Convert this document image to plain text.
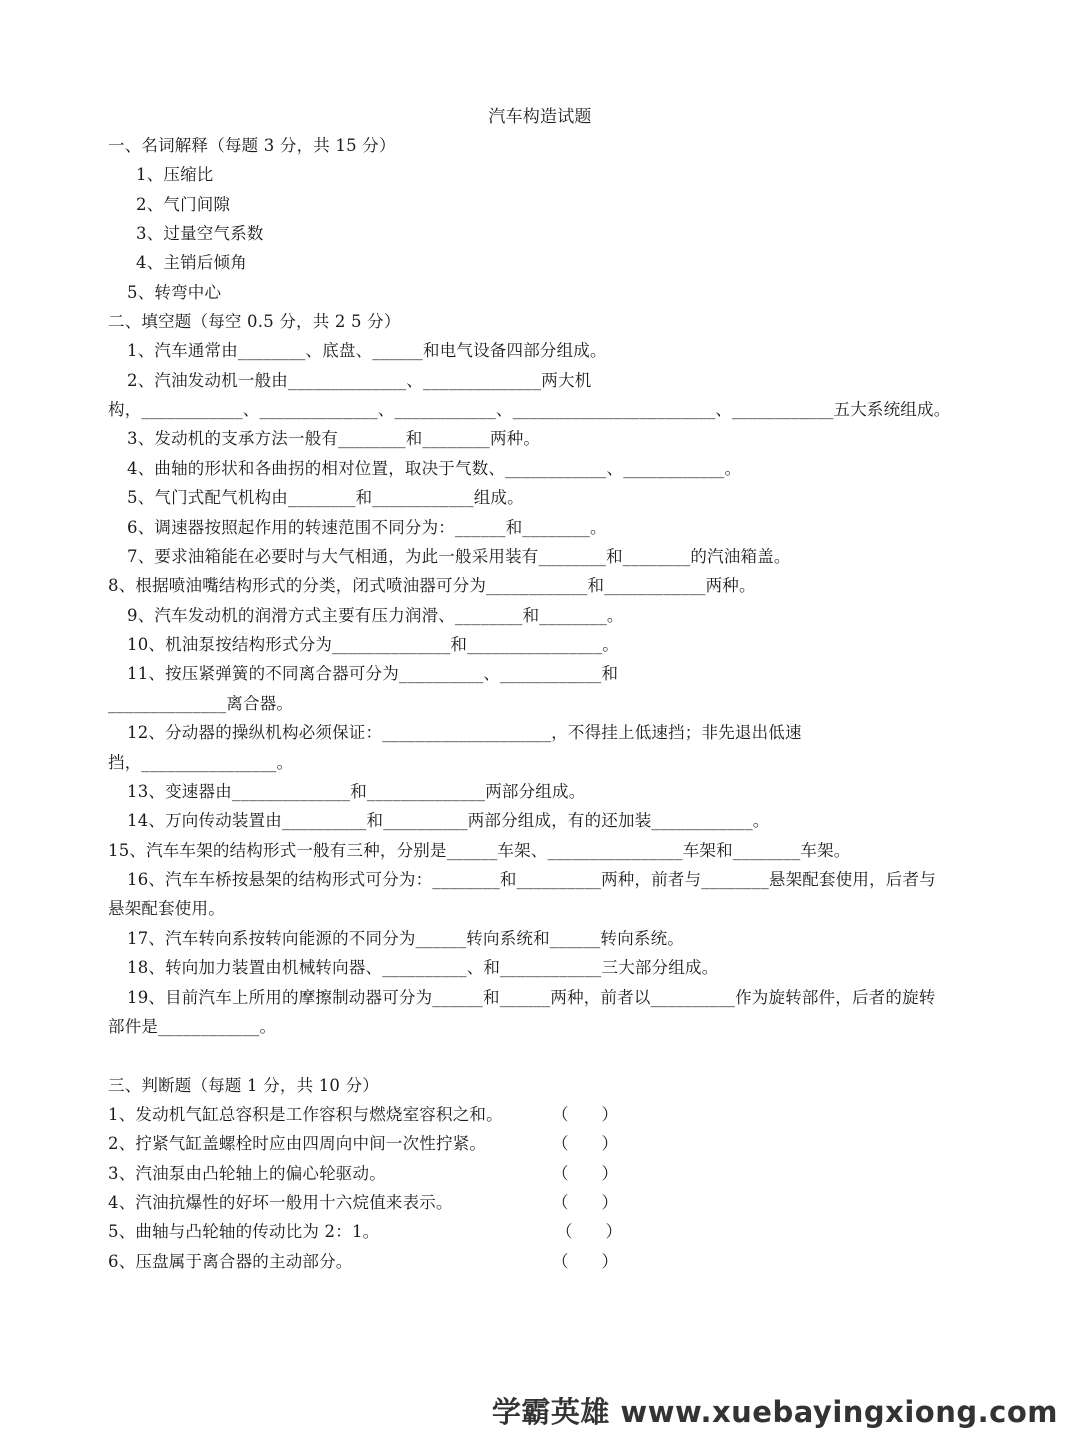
汽车构造试题
一、名词解释（每题 3 分，共 15 分）
1、压缩比
2、气门间隙
3、过量空气系数
4、主销后倾角
5、转弯中心
二、填空题（每空 0.5 分，共 2 5 分）
1、汽车通常由________、底盘、______和电气设备四部分组成。
2、汽油发动机一般由______________、______________两大机
构，____________、______________、____________、________________________、____________五大系统组成。
3、发动机的支承方法一般有________和________两种。
4、曲轴的形状和各曲拐的相对位置，取决于气数、____________、____________。
5、气门式配气机构由________和____________组成。
6、调速器按照起作用的转速范围不同分为：______和________。
7、要求油箱能在必要时与大气相通，为此一般采用装有________和________的汽油箱盖。
8、根据喷油嘴结构形式的分类，闭式喷油器可分为____________和____________两种。
9、汽车发动机的润滑方式主要有压力润滑、________和________。
10、机油泵按结构形式分为______________和________________。
11、按压紧弹簧的不同离合器可分为__________、____________和
______________离合器。
12、分动器的操纵机构必须保证：____________________，不得挂上低速挡；非先退出低速
挡，________________。
13、变速器由______________和______________两部分组成。
14、万向传动装置由__________和__________两部分组成，有的还加装____________。
15、汽车车架的结构形式一般有三种，分别是______车架、________________车架和________车架。
16、汽车车桥按悬架的结构形式可分为：________和__________两种，前者与________悬架配套使用，后者与
悬架配套使用。
17、汽车转向系按转向能源的不同分为______转向系统和______转向系统。
18、转向加力装置由机械转向器、__________、和____________三大部分组成。
19、目前汽车上所用的摩擦制动器可分为______和______两种，前者以__________作为旋转部件，后者的旋转
部件是____________。
三、判断题（每题 1 分，共 10 分）
1、发动机气缸总容积是工作容积与燃烧室容积之和。	（　　）
2、拧紧气缸盖螺栓时应由四周向中间一次性拧紧。	（　　）
3、汽油泵由凸轮轴上的偏心轮驱动。	（　　）
4、汽油抗爆性的好坏一般用十六烷值来表示。	（　　）
5、曲轴与凸轮轴的传动比为 2：1。	（　　）
6、压盘属于离合器的主动部分。	（　　）
学霸英雄 www.xuebayingxiong.com
